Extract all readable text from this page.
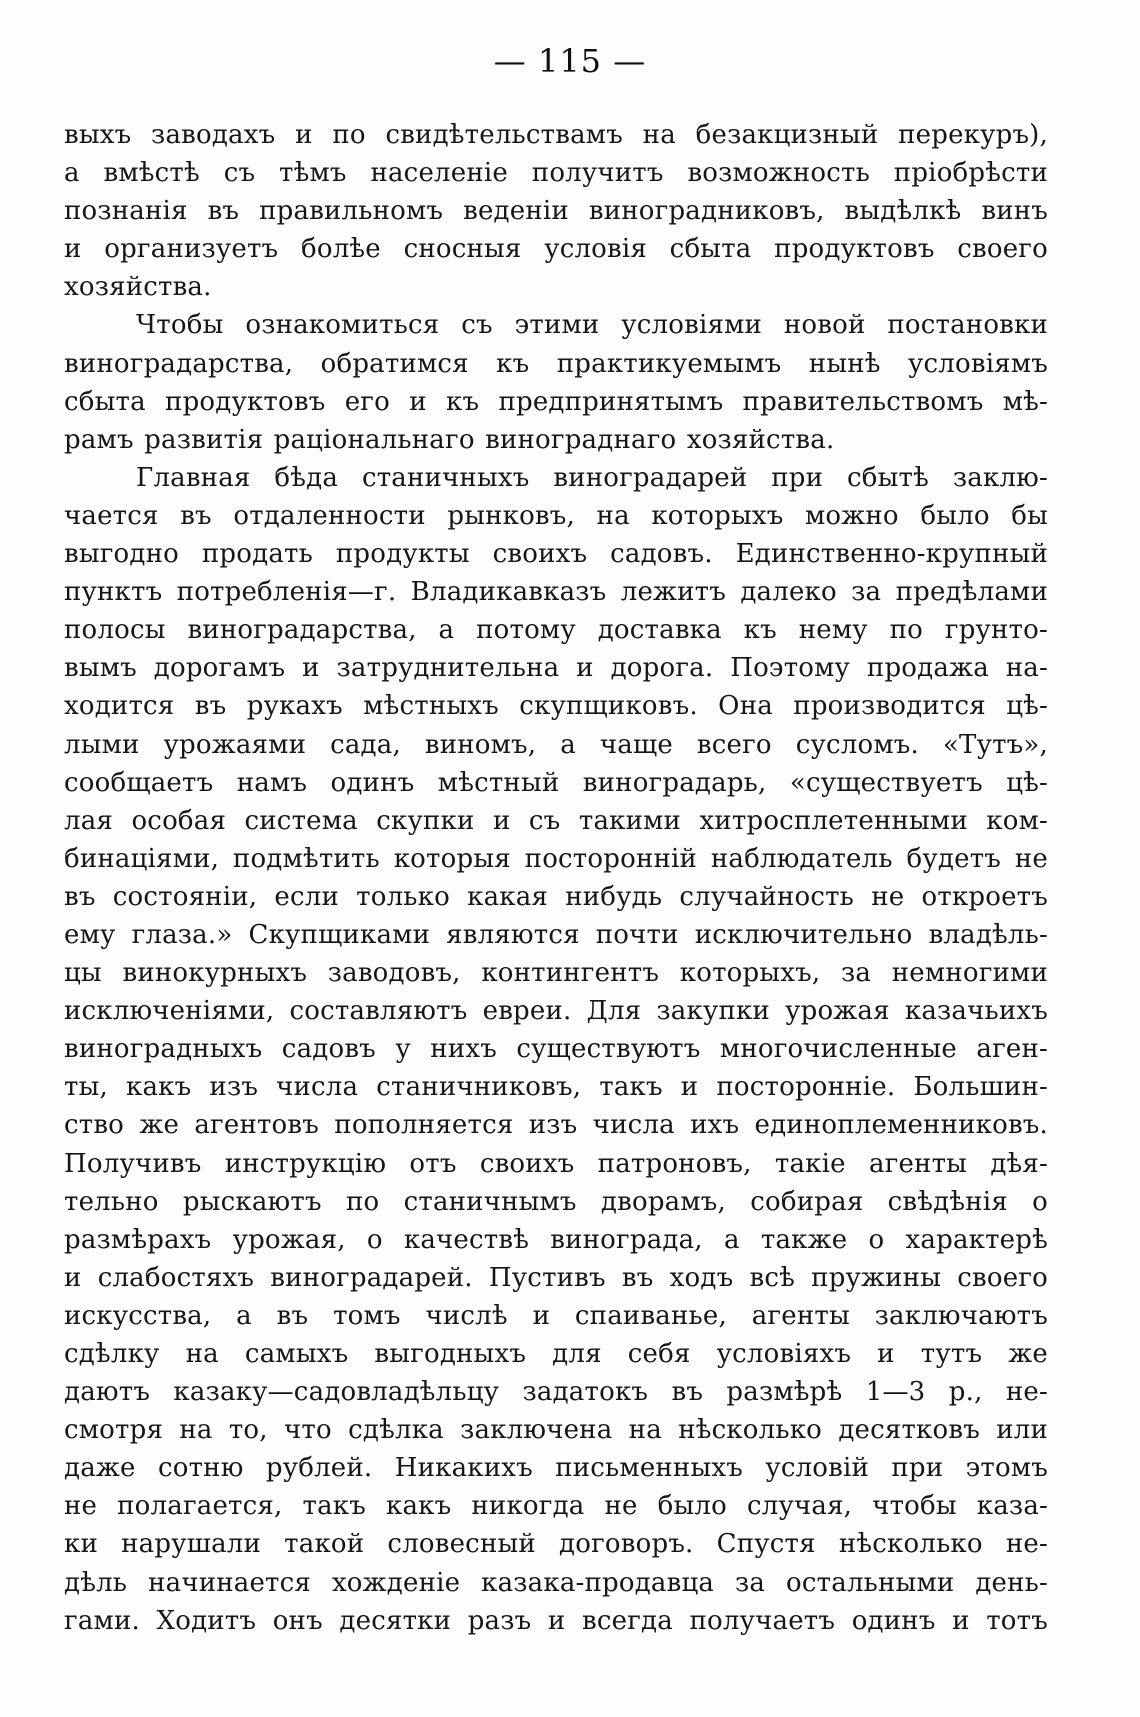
— 115 —
выхъ заводахъ и по свидѣтельствамъ на безакцизный перекуръ),
а вмѣстѣ съ тѣмъ населеніе получитъ возможность пріобрѣсти
познанія въ правильномъ веденіи виноградниковъ, выдѣлкѣ винъ
и организуетъ болѣе сносныя условія сбыта продуктовъ своего
хозяйства.
Чтобы ознакомиться съ этими условіями новой постановки
виноградарства, обратимся къ практикуемымъ нынѣ условіямъ
сбыта продуктовъ его и къ предпринятымъ правительствомъ мѣ-
рамъ развитія раціональнаго винограднаго хозяйства.
Главная бѣда станичныхъ виноградарей при сбытѣ заклю-
чается въ отдаленности рынковъ, на которыхъ можно было бы
выгодно продать продукты своихъ садовъ. Единственно-крупный
пунктъ потребленія—г. Владикавказъ лежитъ далеко за предѣлами
полосы виноградарства, а потому доставка къ нему по грунто-
вымъ дорогамъ и затруднительна и дорога. Поэтому продажа на-
ходится въ рукахъ мѣстныхъ скупщиковъ. Она производится цѣ-
лыми урожаями сада, виномъ, а чаще всего сусломъ. «Тутъ»,
сообщаетъ намъ одинъ мѣстный виноградарь, «существуетъ цѣ-
лая особая система скупки и съ такими хитросплетенными ком-
бинаціями, подмѣтить которыя посторонній наблюдатель будетъ не
въ состояніи, если только какая нибудь случайность не откроетъ
ему глаза.» Скупщиками являются почти исключительно владѣль-
цы винокурныхъ заводовъ, контингентъ которыхъ, за немногими
исключеніями, составляютъ евреи. Для закупки урожая казачьихъ
виноградныхъ садовъ у нихъ существуютъ многочисленные аген-
ты, какъ изъ числа станичниковъ, такъ и посторонніе. Большин-
ство же агентовъ пополняется изъ числа ихъ единоплеменниковъ.
Получивъ инструкцію отъ своихъ патроновъ, такіе агенты дѣя-
тельно рыскаютъ по станичнымъ дворамъ, собирая свѣдѣнія о
размѣрахъ урожая, о качествѣ винограда, а также о характерѣ
и слабостяхъ виноградарей. Пустивъ въ ходъ всѣ пружины своего
искусства, а въ томъ числѣ и спаиванье, агенты заключаютъ
сдѣлку на самыхъ выгодныхъ для себя условіяхъ и тутъ же
даютъ казаку—садовладѣльцу задатокъ въ размѣрѣ 1—3 р., не-
смотря на то, что сдѣлка заключена на нѣсколько десятковъ или
даже сотню рублей. Никакихъ письменныхъ условій при этомъ
не полагается, такъ какъ никогда не было случая, чтобы каза-
ки нарушали такой словесный договоръ. Спустя нѣсколько не-
дѣль начинается хожденіе казака-продавца за остальными день-
гами. Ходитъ онъ десятки разъ и всегда получаетъ одинъ и тотъ
